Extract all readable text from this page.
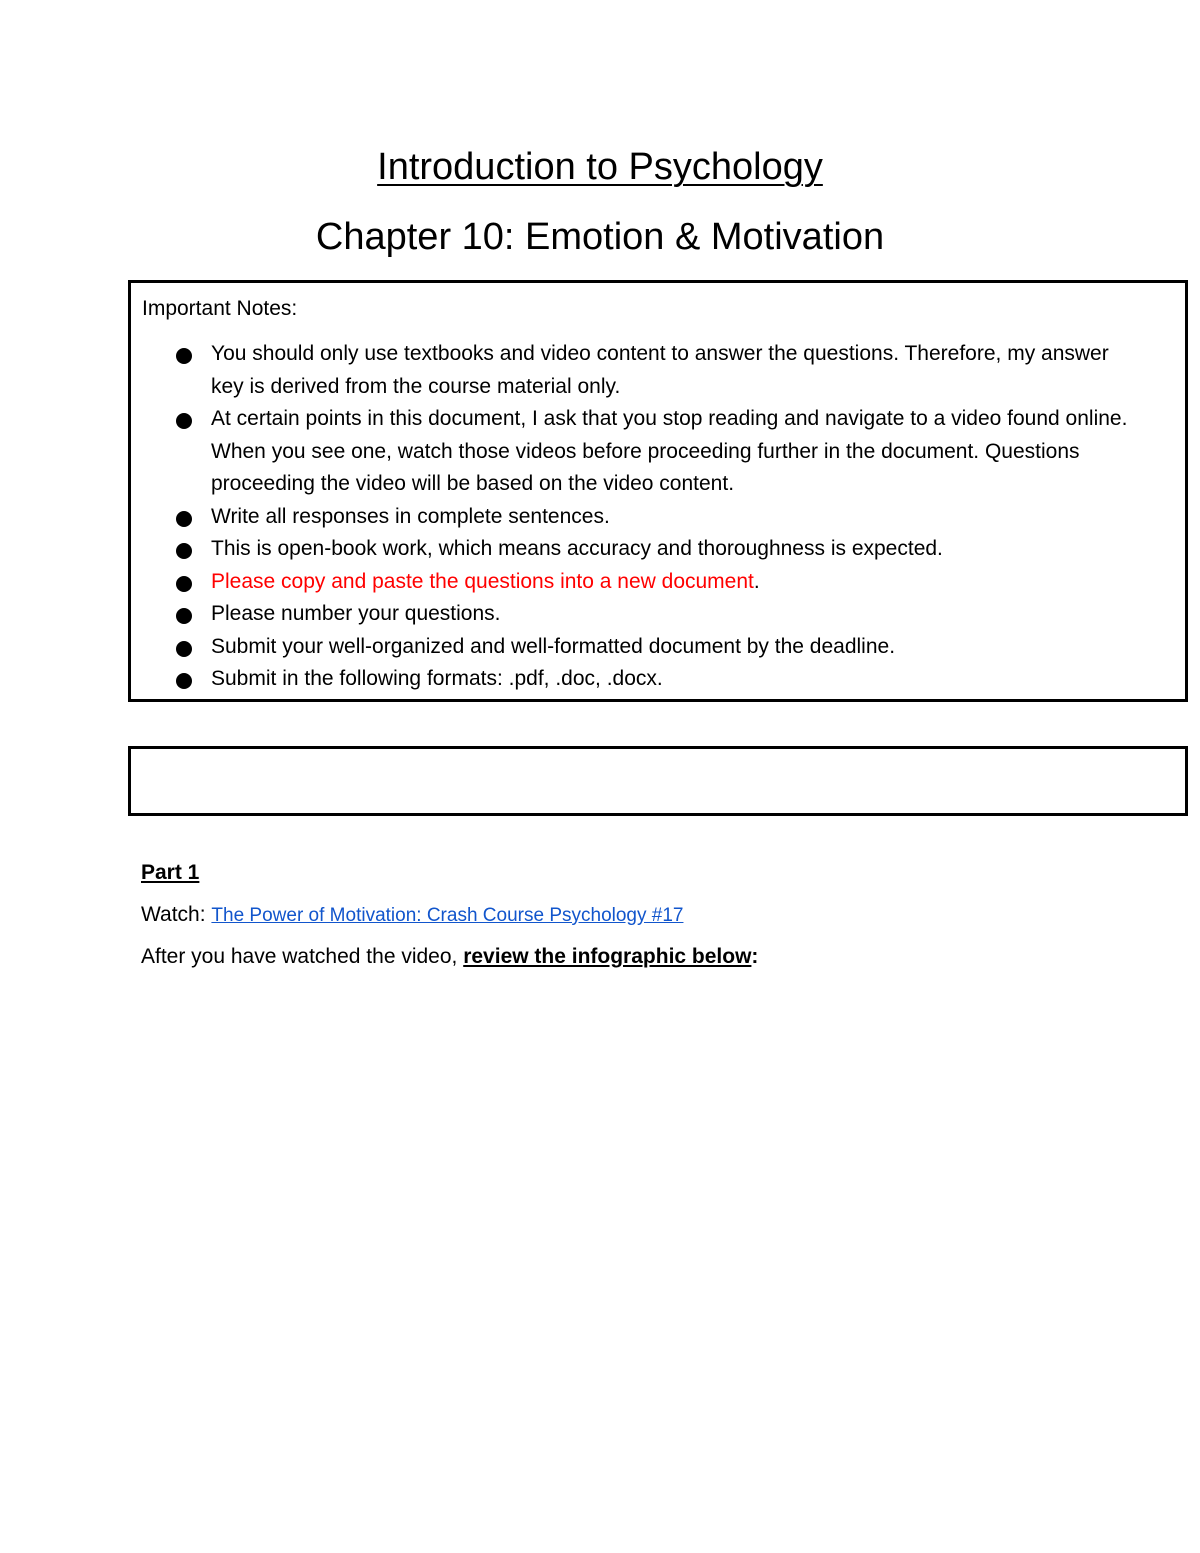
Introduction to Psychology
Chapter 10: Emotion & Motivation
Important Notes:
You should only use textbooks and video content to answer the questions. Therefore, my answer key is derived from the course material only.
At certain points in this document, I ask that you stop reading and navigate to a video found online. When you see one, watch those videos before proceeding further in the document. Questions proceeding the video will be based on the video content.
Write all responses in complete sentences.
This is open-book work, which means accuracy and thoroughness is expected.
Please copy and paste the questions into a new document.
Please number your questions.
Submit your well-organized and well-formatted document by the deadline.
Submit in the following formats: .pdf, .doc, .docx.
Part 1
Watch: The Power of Motivation: Crash Course Psychology #17
After you have watched the video, review the infographic below:
